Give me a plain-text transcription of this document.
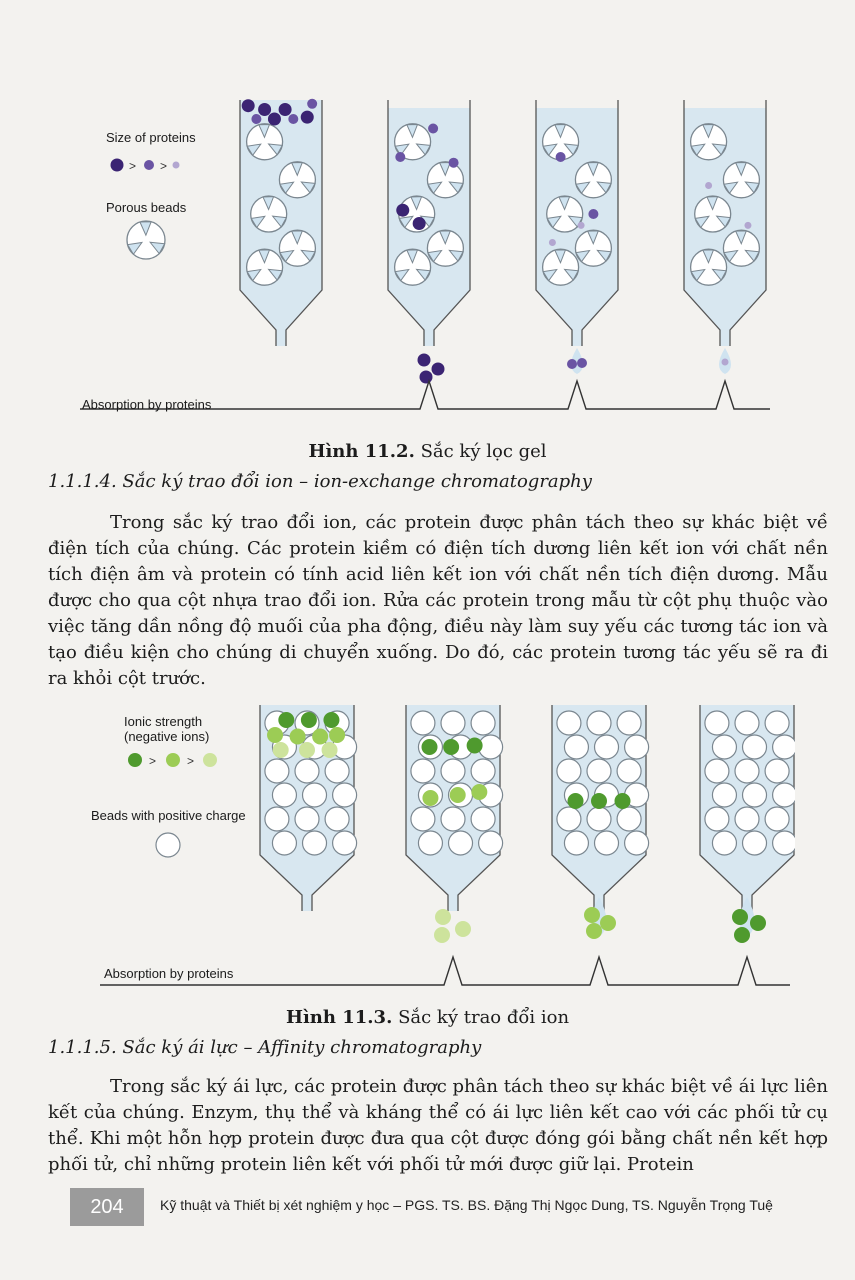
> >
Size of proteins
Porous beads
Absorption by proteins
Hình 11.2. Sắc ký lọc gel
1.1.1.4. Sắc ký trao đổi ion – ion-exchange chromatography

Trong sắc ký trao đổi ion, các protein được phân tách theo sự khác biệt về điện tích của chúng. Các protein kiềm có điện tích dương liên kết ion với chất nền tích điện âm và protein có tính acid liên kết ion với chất nền tích điện dương. Mẫu được cho qua cột nhựa trao đổi ion. Rửa các protein trong mẫu từ cột phụ thuộc vào việc tăng dần nồng độ muối của pha động, điều này làm suy yếu các tương tác ion và tạo điều kiện cho chúng di chuyển xuống. Do đó, các protein tương tác yếu sẽ ra đi ra khỏi cột trước.

>	>
Ionic strength
(negative ions)
Beads with positive charge
Absorption by proteins
Hình 11.3. Sắc ký trao đổi ion
1.1.1.5. Sắc ký ái lực – Affinity chromatography

Trong sắc ký ái lực, các protein được phân tách theo sự khác biệt về ái lực liên kết của chúng. Enzym, thụ thể và kháng thể có ái lực liên kết cao với các phối tử cụ thể. Khi một hỗn hợp protein được đưa qua cột được đóng gói bằng chất nền kết hợp phối tử, chỉ những protein liên kết với phối tử mới được giữ lại. Protein

204	Kỹ thuật và Thiết bị xét nghiệm y học – PGS. TS. BS. Đặng Thị Ngọc Dung, TS. Nguyễn Trọng Tuệ
